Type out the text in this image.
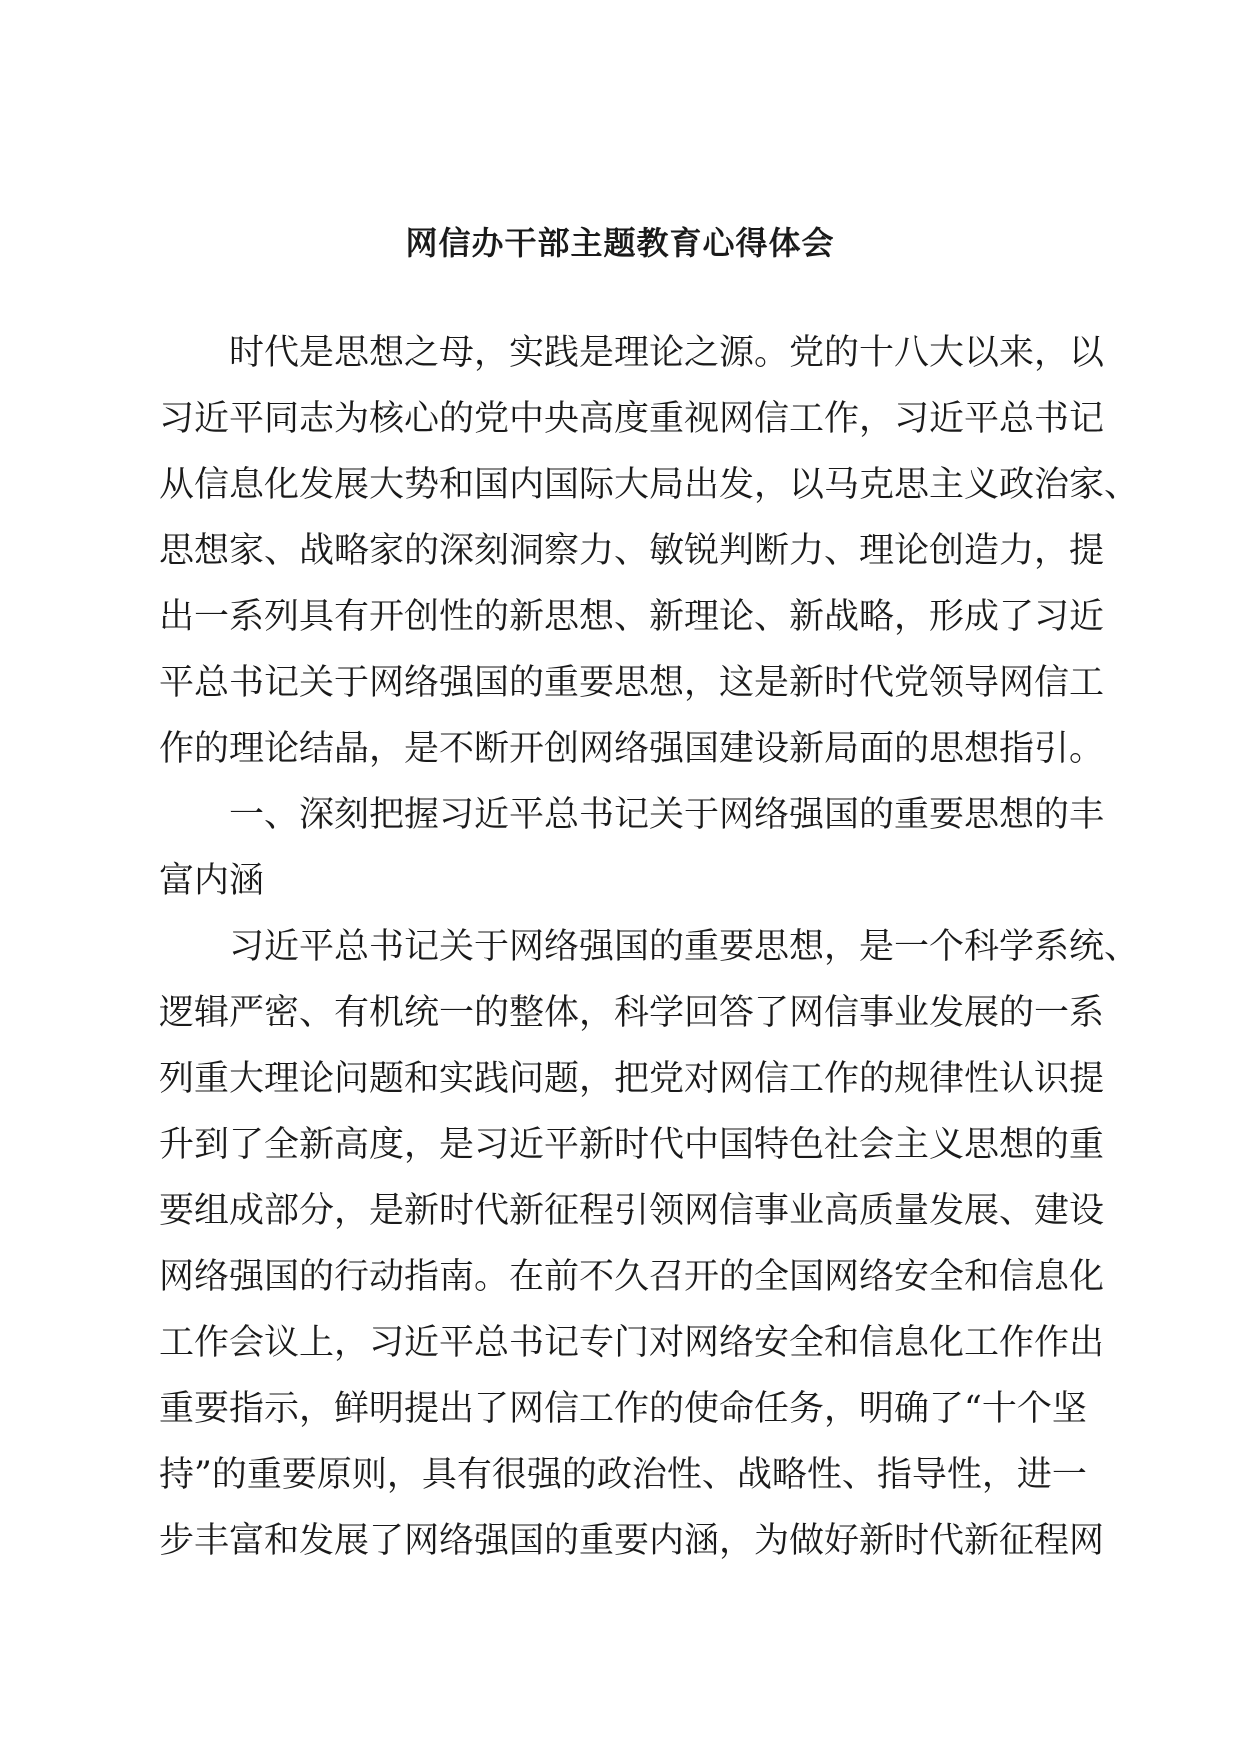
网信办干部主题教育心得体会
时代是思想之母，实践是理论之源。党的十八大以来，以
习近平同志为核心的党中央高度重视网信工作，习近平总书记
从信息化发展大势和国内国际大局出发，以马克思主义政治家、
思想家、战略家的深刻洞察力、敏锐判断力、理论创造力，提
出一系列具有开创性的新思想、新理论、新战略，形成了习近
平总书记关于网络强国的重要思想，这是新时代党领导网信工
作的理论结晶，是不断开创网络强国建设新局面的思想指引。
一、深刻把握习近平总书记关于网络强国的重要思想的丰
富内涵
习近平总书记关于网络强国的重要思想，是一个科学系统、
逻辑严密、有机统一的整体，科学回答了网信事业发展的一系
列重大理论问题和实践问题，把党对网信工作的规律性认识提
升到了全新高度，是习近平新时代中国特色社会主义思想的重
要组成部分，是新时代新征程引领网信事业高质量发展、建设
网络强国的行动指南。在前不久召开的全国网络安全和信息化
工作会议上，习近平总书记专门对网络安全和信息化工作作出
重要指示，鲜明提出了网信工作的使命任务，明确了“十个坚
持”的重要原则，具有很强的政治性、战略性、指导性，进一
步丰富和发展了网络强国的重要内涵，为做好新时代新征程网
